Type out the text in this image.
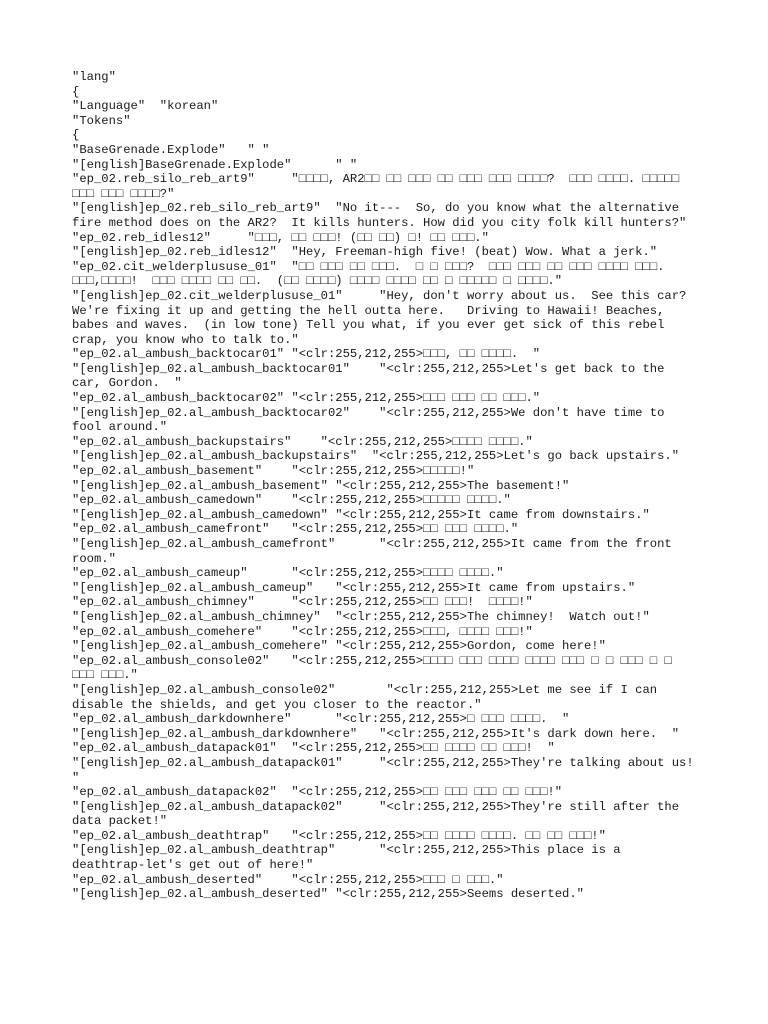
"lang"
{
"Language"  "korean"
"Tokens"
{
"BaseGrenade.Explode"   " "
"[english]BaseGrenade.Explode"      " "
"ep_02.reb_silo_reb_art9"     "□□□□, AR2□□ □□ □□□ □□ □□□ □□□ □□□□?  □□□ □□□□. □□□□□ □□□ □□□ □□□□?"
"[english]ep_02.reb_silo_reb_art9"  "No it---  So, do you know what the alternative fire method does on the AR2?  It kills hunters. How did you city folk kill hunters?"
"ep_02.reb_idles12"     "□□□, □□ □□□! (□□ □□) □! □□ □□□."
"[english]ep_02.reb_idles12"  "Hey, Freeman-high five! (beat) Wow. What a jerk."
"ep_02.cit_welderplususe_01"  "□□ □□□ □□ □□□.  □ □ □□□?  □□□ □□□ □□ □□□ □□□□ □□□. □□□,□□□□!  □□□ □□□□ □□ □□.  (□□ □□□□) □□□□ □□□□ □□ □ □□□□□ □ □□□□."
"[english]ep_02.cit_welderplususe_01"     "Hey, don't worry about us.  See this car?  We're fixing it up and getting the hell outta here.   Driving to Hawaii! Beaches, babes and waves.  (in low tone) Tell you what, if you ever get sick of this rebel crap, you know who to talk to."
"ep_02.al_ambush_backtocar01" "<clr:255,212,255>□□□, □□ □□□□.  "
"[english]ep_02.al_ambush_backtocar01"    "<clr:255,212,255>Let's get back to the car, Gordon.  "
"ep_02.al_ambush_backtocar02" "<clr:255,212,255>□□□ □□□ □□ □□□."
"[english]ep_02.al_ambush_backtocar02"    "<clr:255,212,255>We don't have time to fool around."
"ep_02.al_ambush_backupstairs"    "<clr:255,212,255>□□□□ □□□□."
"[english]ep_02.al_ambush_backupstairs"  "<clr:255,212,255>Let's go back upstairs."
"ep_02.al_ambush_basement"    "<clr:255,212,255>□□□□□!"
"[english]ep_02.al_ambush_basement" "<clr:255,212,255>The basement!"
"ep_02.al_ambush_camedown"    "<clr:255,212,255>□□□□□ □□□□."
"[english]ep_02.al_ambush_camedown" "<clr:255,212,255>It came from downstairs."
"ep_02.al_ambush_camefront"   "<clr:255,212,255>□□ □□□ □□□□."
"[english]ep_02.al_ambush_camefront"      "<clr:255,212,255>It came from the front room."
"ep_02.al_ambush_cameup"      "<clr:255,212,255>□□□□ □□□□."
"[english]ep_02.al_ambush_cameup"   "<clr:255,212,255>It came from upstairs."
"ep_02.al_ambush_chimney"     "<clr:255,212,255>□□ □□□!  □□□□!"
"[english]ep_02.al_ambush_chimney"  "<clr:255,212,255>The chimney!  Watch out!"
"ep_02.al_ambush_comehere"    "<clr:255,212,255>□□□, □□□□ □□□!"
"[english]ep_02.al_ambush_comehere" "<clr:255,212,255>Gordon, come here!"
"ep_02.al_ambush_console02"   "<clr:255,212,255>□□□□ □□□ □□□□ □□□□ □□□ □ □ □□□ □ □ □□□ □□□."
"[english]ep_02.al_ambush_console02"       "<clr:255,212,255>Let me see if I can disable the shields, and get you closer to the reactor."
"ep_02.al_ambush_darkdownhere"      "<clr:255,212,255>□ □□□ □□□□.  "
"[english]ep_02.al_ambush_darkdownhere"   "<clr:255,212,255>It's dark down here.  "
"ep_02.al_ambush_datapack01"  "<clr:255,212,255>□□ □□□□ □□ □□□!  "
"[english]ep_02.al_ambush_datapack01"     "<clr:255,212,255>They're talking about us!  "
"ep_02.al_ambush_datapack02"  "<clr:255,212,255>□□ □□□ □□□ □□ □□□!"
"[english]ep_02.al_ambush_datapack02"     "<clr:255,212,255>They're still after the data packet!"
"ep_02.al_ambush_deathtrap"   "<clr:255,212,255>□□ □□□□ □□□□. □□ □□ □□□!"
"[english]ep_02.al_ambush_deathtrap"      "<clr:255,212,255>This place is a deathtrap-let's get out of here!"
"ep_02.al_ambush_deserted"    "<clr:255,212,255>□□□ □ □□□."
"[english]ep_02.al_ambush_deserted" "<clr:255,212,255>Seems deserted."
